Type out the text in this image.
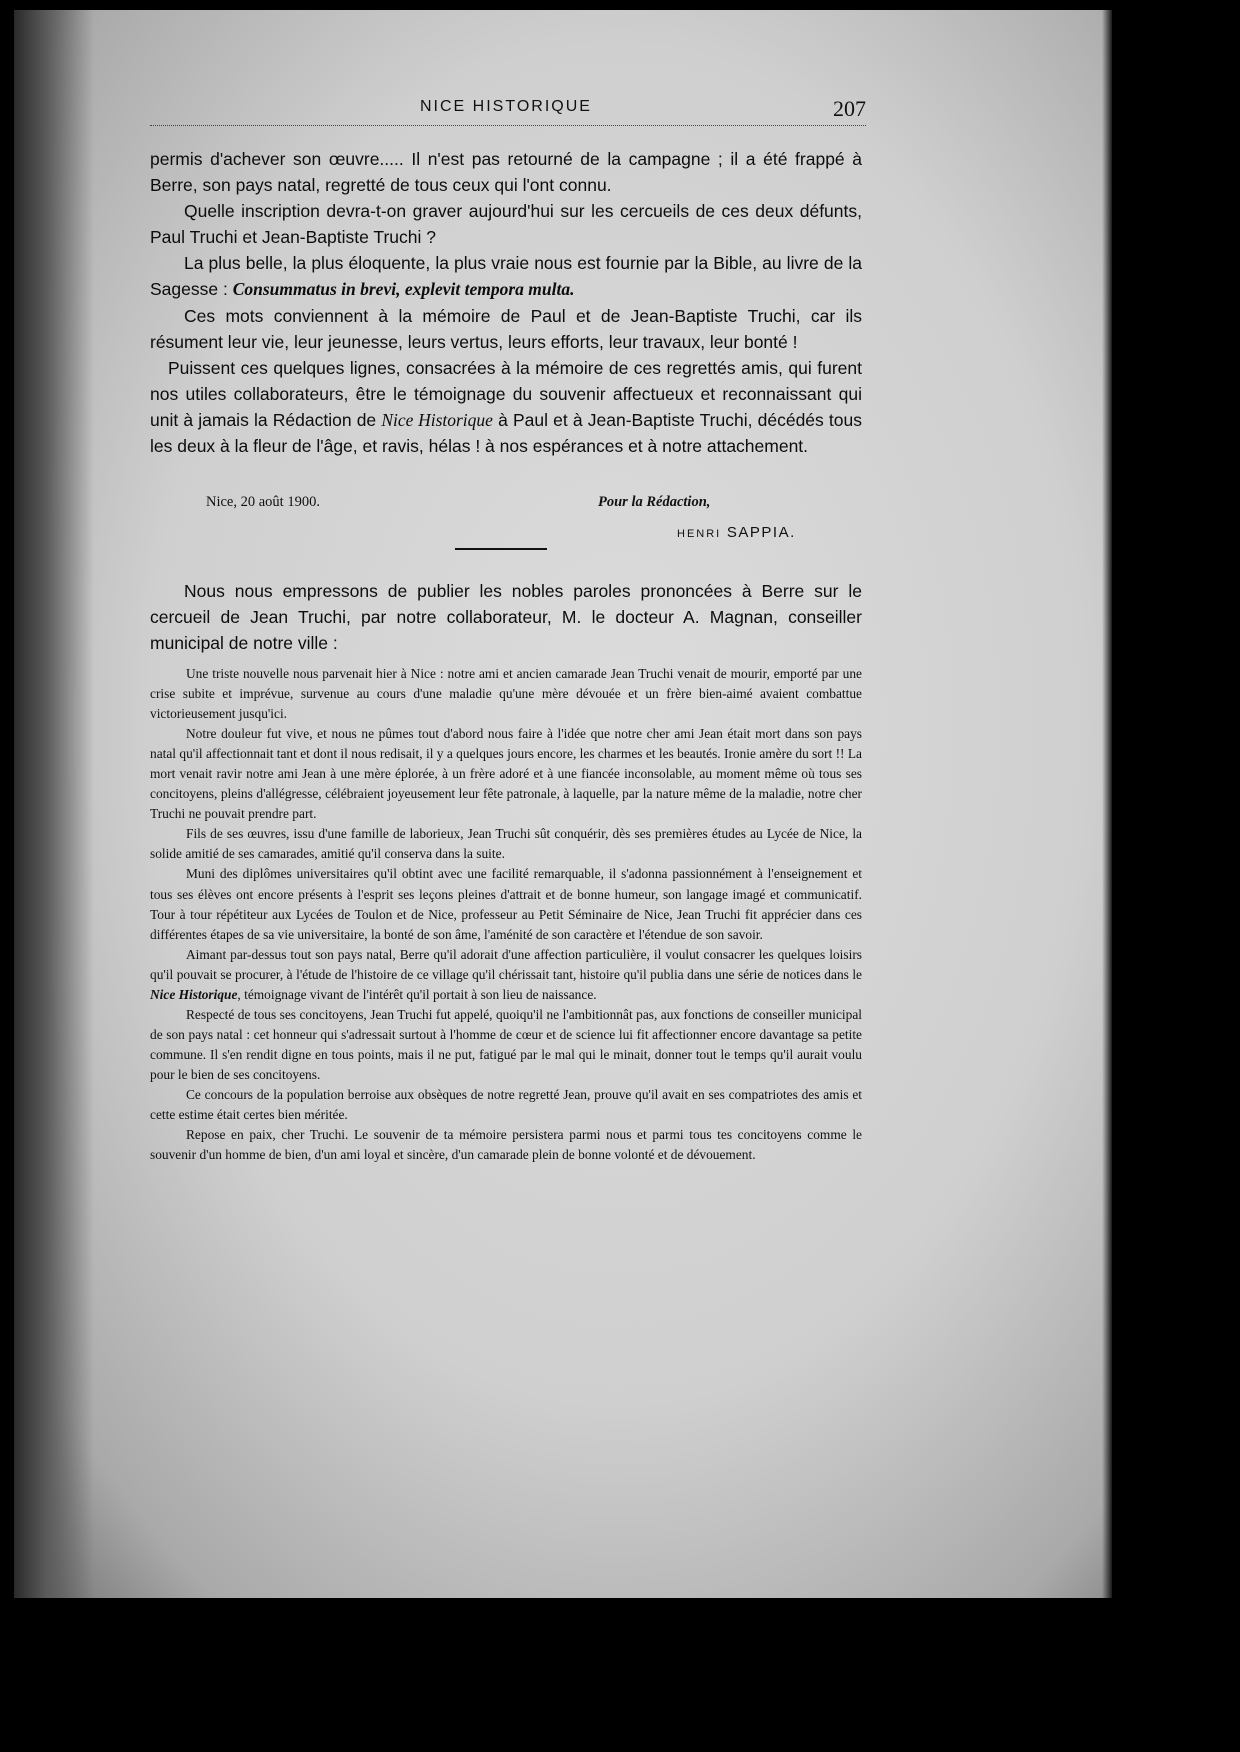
NICE HISTORIQUE	207

permis d'achever son œuvre..... Il n'est pas retourné de la campagne ; il a été frappé à Berre, son pays natal, regretté de tous ceux qui l'ont connu.

Quelle inscription devra-t-on graver aujourd'hui sur les cercueils de ces deux défunts, Paul Truchi et Jean-Baptiste Truchi ?

La plus belle, la plus éloquente, la plus vraie nous est fournie par la Bible, au livre de la Sagesse : Consummatus in brevi, explevit tempora multa.

Ces mots conviennent à la mémoire de Paul et de Jean-Baptiste Truchi, car ils résument leur vie, leur jeunesse, leurs vertus, leurs efforts, leur travaux, leur bonté !

Puissent ces quelques lignes, consacrées à la mémoire de ces regrettés amis, qui furent nos utiles collaborateurs, être le témoignage du souvenir affectueux et reconnaissant qui unit à jamais la Rédaction de Nice Historique à Paul et à Jean-Baptiste Truchi, décédés tous les deux à la fleur de l'âge, et ravis, hélas ! à nos espérances et à notre attachement.

Nice, 20 août 1900.	Pour la Rédaction,
HENRI SAPPIA.

Nous nous empressons de publier les nobles paroles prononcées à Berre sur le cercueil de Jean Truchi, par notre collaborateur, M. le docteur A. Magnan, conseiller municipal de notre ville :

Une triste nouvelle nous parvenait hier à Nice : notre ami et ancien camarade Jean Truchi venait de mourir, emporté par une crise subite et imprévue, survenue au cours d'une maladie qu'une mère dévouée et un frère bien-aimé avaient combattue victorieusement jusqu'ici.

Notre douleur fut vive, et nous ne pûmes tout d'abord nous faire à l'idée que notre cher ami Jean était mort dans son pays natal qu'il affectionnait tant et dont il nous redisait, il y a quelques jours encore, les charmes et les beautés. Ironie amère du sort !! La mort venait ravir notre ami Jean à une mère éplorée, à un frère adoré et à une fiancée inconsolable, au moment même où tous ses concitoyens, pleins d'allégresse, célébraient joyeusement leur fête patronale, à laquelle, par la nature même de la maladie, notre cher Truchi ne pouvait prendre part.

Fils de ses œuvres, issu d'une famille de laborieux, Jean Truchi sût conquérir, dès ses premières études au Lycée de Nice, la solide amitié de ses camarades, amitié qu'il conserva dans la suite.

Muni des diplômes universitaires qu'il obtint avec une facilité remarquable, il s'adonna passionnément à l'enseignement et tous ses élèves ont encore présents à l'esprit ses leçons pleines d'attrait et de bonne humeur, son langage imagé et communicatif. Tour à tour répétiteur aux Lycées de Toulon et de Nice, professeur au Petit Séminaire de Nice, Jean Truchi fit apprécier dans ces différentes étapes de sa vie universitaire, la bonté de son âme, l'aménité de son caractère et l'étendue de son savoir.

Aimant par-dessus tout son pays natal, Berre qu'il adorait d'une affection particulière, il voulut consacrer les quelques loisirs qu'il pouvait se procurer, à l'étude de l'histoire de ce village qu'il chérissait tant, histoire qu'il publia dans une série de notices dans le Nice Historique, témoignage vivant de l'intérêt qu'il portait à son lieu de naissance.

Respecté de tous ses concitoyens, Jean Truchi fut appelé, quoiqu'il ne l'ambitionnât pas, aux fonctions de conseiller municipal de son pays natal : cet honneur qui s'adressait surtout à l'homme de cœur et de science lui fit affectionner encore davantage sa petite commune. Il s'en rendit digne en tous points, mais il ne put, fatigué par le mal qui le minait, donner tout le temps qu'il aurait voulu pour le bien de ses concitoyens.

Ce concours de la population berroise aux obsèques de notre regretté Jean, prouve qu'il avait en ses compatriotes des amis et cette estime était certes bien méritée.

Repose en paix, cher Truchi. Le souvenir de ta mémoire persistera parmi nous et parmi tous tes concitoyens comme le souvenir d'un homme de bien, d'un ami loyal et sincère, d'un camarade plein de bonne volonté et de dévouement.
